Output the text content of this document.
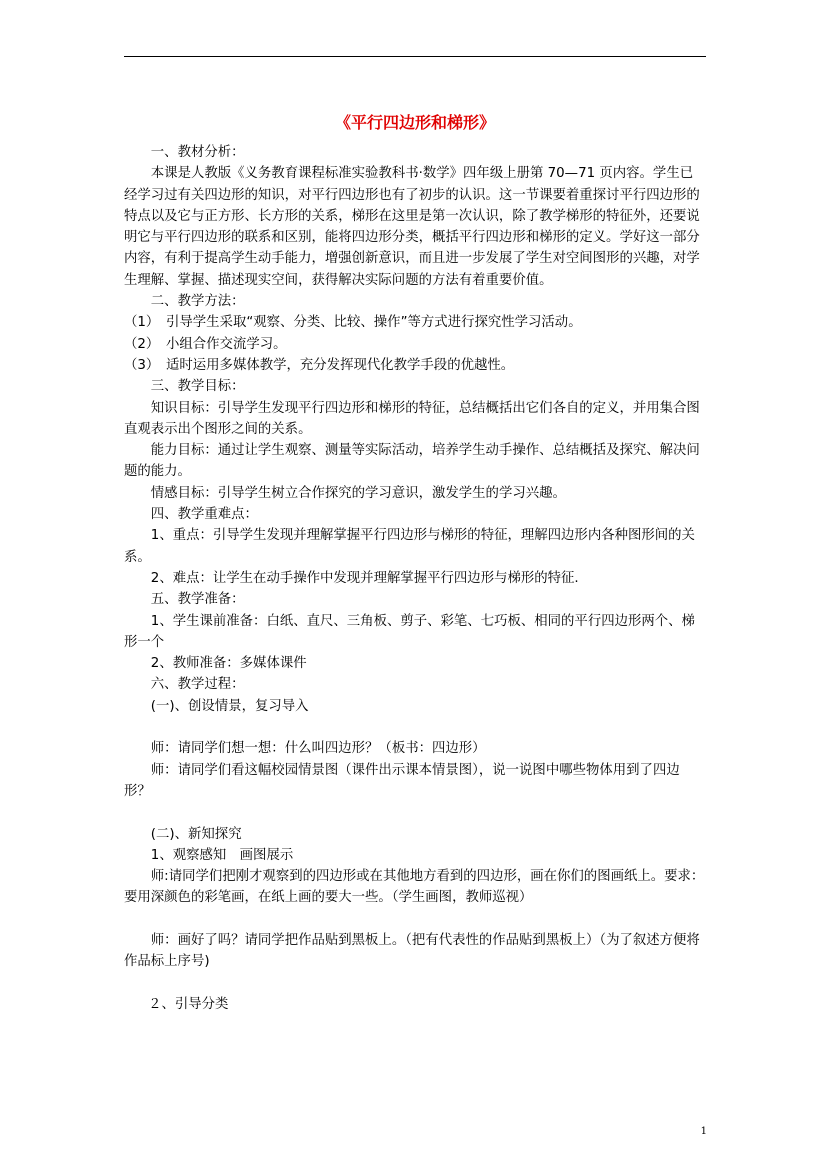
《平行四边形和梯形》

一、教材分析：

本课是人教版《义务教育课程标准实验教科书·数学》四年级上册第 70—71 页内容。学生已经学习过有关四边形的知识，对平行四边形也有了初步的认识。这一节课要着重探讨平行四边形的特点以及它与正方形、长方形的关系，梯形在这里是第一次认识，除了教学梯形的特征外，还要说明它与平行四边形的联系和区别，能将四边形分类，概括平行四边形和梯形的定义。学好这一部分内容，有利于提高学生动手能力，增强创新意识，而且进一步发展了学生对空间图形的兴趣，对学生理解、掌握、描述现实空间，获得解决实际问题的方法有着重要价值。

二、教学方法：

（1）　引导学生采取“观察、分类、比较、操作”等方式进行探究性学习活动。

（2）　小组合作交流学习。

（3）　适时运用多媒体教学，充分发挥现代化教学手段的优越性。

三、教学目标：

知识目标：引导学生发现平行四边形和梯形的特征，总结概括出它们各自的定义，并用集合图直观表示出个图形之间的关系。

能力目标：通过让学生观察、测量等实际活动，培养学生动手操作、总结概括及探究、解决问题的能力。

情感目标：引导学生树立合作探究的学习意识，激发学生的学习兴趣。

四、教学重难点：

1、重点：引导学生发现并理解掌握平行四边形与梯形的特征，理解四边形内各种图形间的关系。

2、难点：让学生在动手操作中发现并理解掌握平行四边形与梯形的特征.

五、教学准备：

1、学生课前准备：白纸、直尺、三角板、剪子、彩笔、七巧板、相同的平行四边形两个、梯形一个

2、教师准备：多媒体课件

六、教学过程：

(一)、创设情景，复习导入

师：请同学们想一想：什么叫四边形？（板书：四边形）

师：请同学们看这幅校园情景图（课件出示课本情景图），说一说图中哪些物体用到了四边形？

(二)、新知探究

1、观察感知　画图展示

师:请同学们把刚才观察到的四边形或在其他地方看到的四边形，画在你们的图画纸上。要求：要用深颜色的彩笔画，在纸上画的要大一些。（学生画图，教师巡视）

师：画好了吗？请同学把作品贴到黑板上。（把有代表性的作品贴到黑板上）（为了叙述方便将作品标上序号)

２、引导分类

1
